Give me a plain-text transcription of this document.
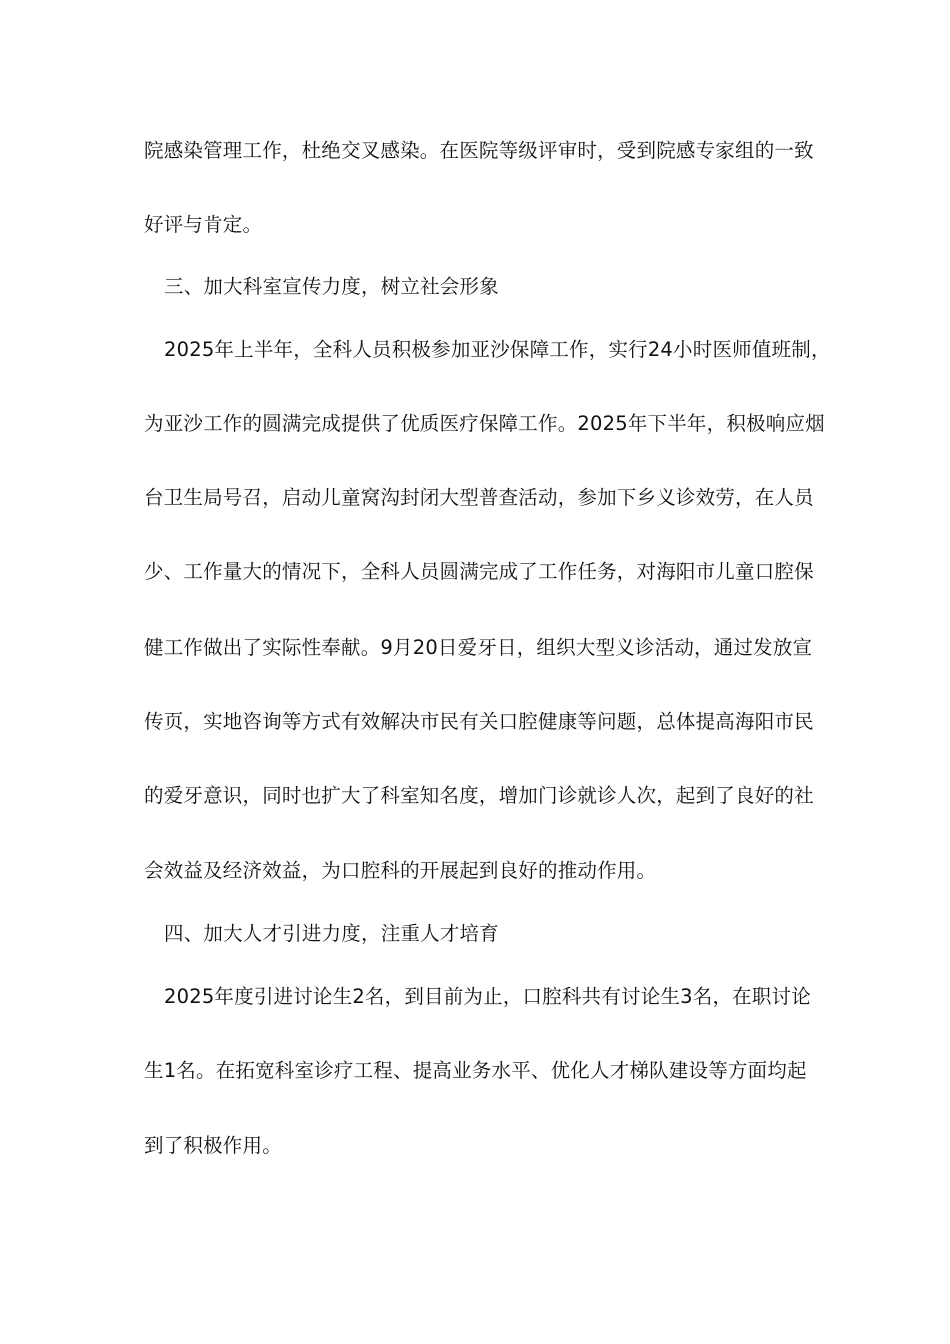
院感染管理工作，杜绝交叉感染。在医院等级评审时，受到院感专家组的一致
好评与肯定。
三、加大科室宣传力度，树立社会形象
2025年上半年，全科人员积极参加亚沙保障工作，实行24小时医师值班制，
为亚沙工作的圆满完成提供了优质医疗保障工作。2025年下半年，积极响应烟
台卫生局号召，启动儿童窝沟封闭大型普查活动，参加下乡义诊效劳，在人员
少、工作量大的情况下，全科人员圆满完成了工作任务，对海阳市儿童口腔保
健工作做出了实际性奉献。9月20日爱牙日，组织大型义诊活动，通过发放宣
传页，实地咨询等方式有效解决市民有关口腔健康等问题，总体提高海阳市民
的爱牙意识，同时也扩大了科室知名度，增加门诊就诊人次，起到了良好的社
会效益及经济效益，为口腔科的开展起到良好的推动作用。
四、加大人才引进力度，注重人才培育
2025年度引进讨论生2名，到目前为止，口腔科共有讨论生3名，在职讨论
生1名。在拓宽科室诊疗工程、提高业务水平、优化人才梯队建设等方面均起
到了积极作用。
